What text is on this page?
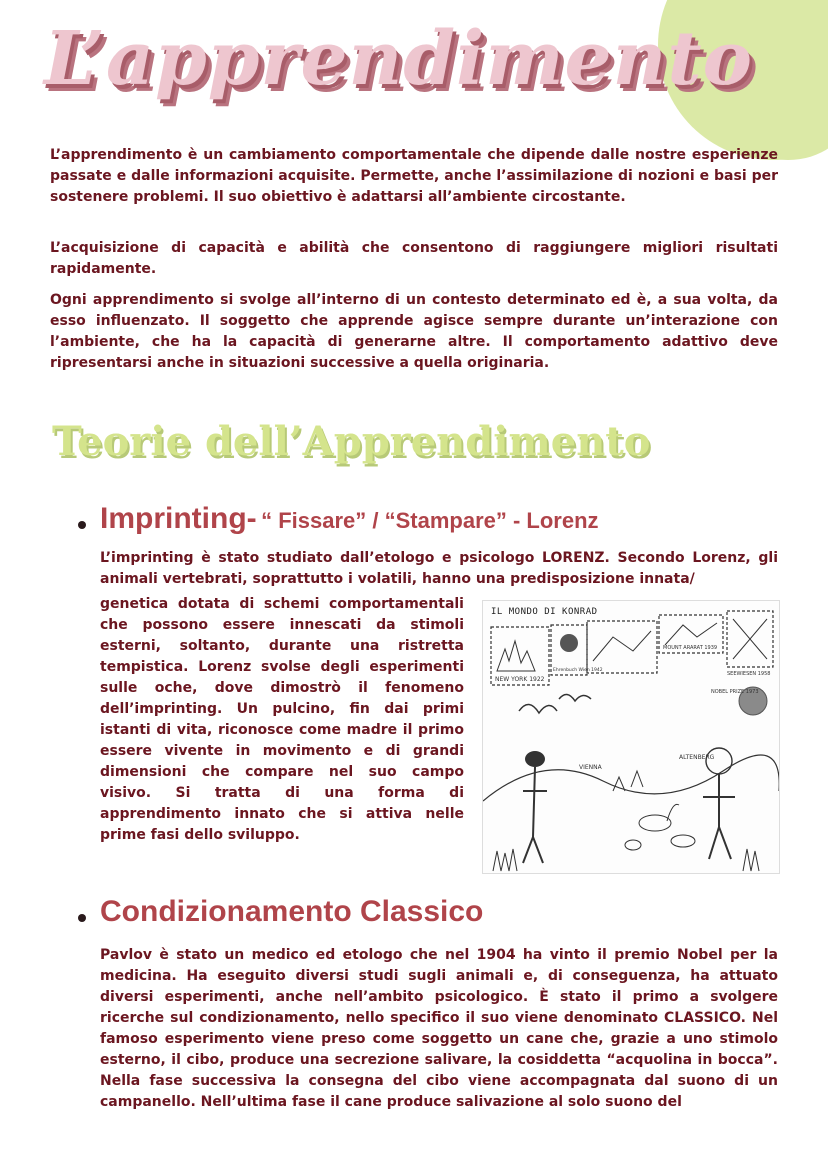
L’apprendimento
L’apprendimento è un cambiamento comportamentale che dipende dalle nostre esperienze passate e dalle informazioni acquisite. Permette, anche l’assimilazione di nozioni e basi per sostenere problemi. Il suo obiettivo è adattarsi all’ambiente circostante.
L’acquisizione di capacità e abilità che consentono di raggiungere migliori risultati rapidamente.
Ogni apprendimento si svolge all’interno di un contesto determinato ed è, a sua volta, da esso influenzato. Il soggetto che apprende agisce sempre durante un’interazione con l’ambiente, che ha la capacità di generarne altre. Il comportamento adattivo deve ripresentarsi anche in situazioni successive a quella originaria.
Teorie dell’Apprendimento
Imprinting- “ Fissare” / “Stampare” - Lorenz
L’imprinting è stato studiato dall’etologo e psicologo LORENZ. Secondo Lorenz, gli animali vertebrati, soprattutto i volatili, hanno una predisposizione innata/
genetica dotata di schemi comportamentali che possono essere innescati da stimoli esterni, soltanto, durante una ristretta tempistica. Lorenz svolse degli esperimenti sulle oche, dove dimostrò il fenomeno dell’imprinting. Un pulcino, fin dai primi istanti di vita, riconosce come madre il primo essere vivente in movimento e di grandi dimensioni che compare nel suo campo visivo. Si tratta di una forma di apprendimento innato che si attiva nelle prime fasi dello sviluppo.
IL MONDO DI KONRAD
NEW YORK 1922
Ehrenbuch Wien 1942
MOUNT ARARAT 1939
SEEWIESEN 1958
NOBEL PRIZE 1973
VIENNA
ALTENBERG
Condizionamento Classico
Pavlov è stato un medico ed etologo che nel 1904 ha vinto il premio Nobel per la medicina. Ha eseguito diversi studi sugli animali e, di conseguenza, ha attuato diversi esperimenti, anche nell’ambito psicologico. È stato il primo a svolgere ricerche sul condizionamento, nello specifico il suo viene denominato CLASSICO. Nel famoso esperimento viene preso come soggetto un cane che, grazie a uno stimolo esterno, il cibo, produce una secrezione salivare, la cosiddetta “acquolina in bocca”. Nella fase successiva la consegna del cibo viene accompagnata dal suono di un campanello. Nell’ultima fase il cane produce salivazione al solo suono del
